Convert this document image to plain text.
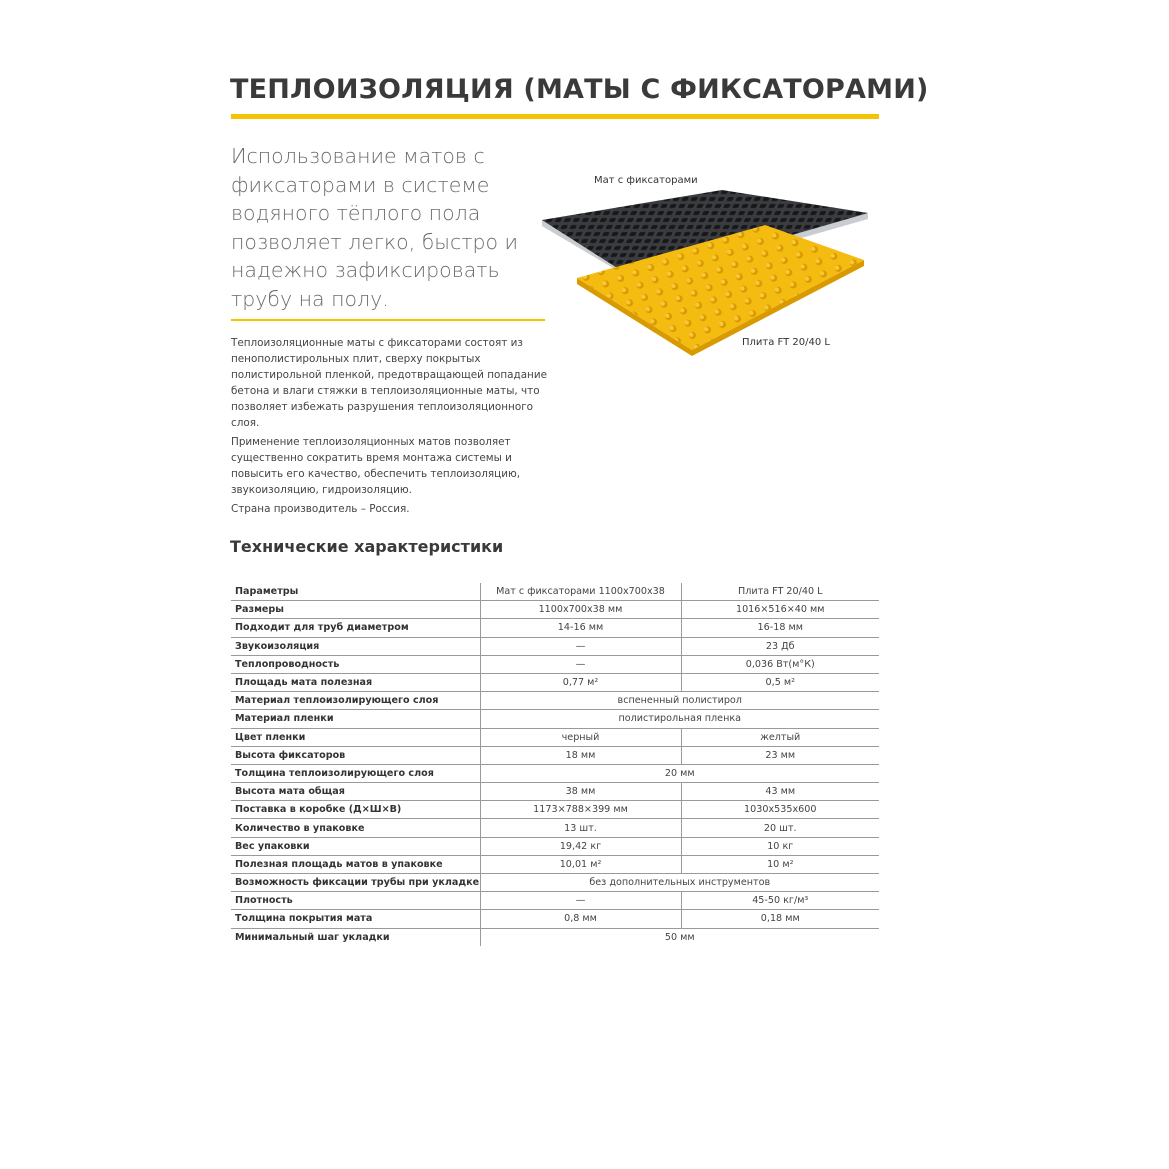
ТЕПЛОИЗОЛЯЦИЯ (МАТЫ С ФИКСАТОРАМИ)

Использование матов с фиксаторами в системе водяного тёплого пола позволяет легко, быстро и надежно зафиксировать трубу на полу.

Теплоизоляционные маты с фиксаторами состоят из пенополистирольных плит, сверху покрытых полистирольной пленкой, предотвращающей попадание бетона и влаги стяжки в теплоизоляционные маты, что позволяет избежать разрушения теплоизоляционного слоя.

Применение теплоизоляционных матов позволяет существенно сократить время монтажа системы и повысить его качество, обеспечить теплоизоляцию, звукоизоляцию, гидроизоляцию.

Страна производитель – Россия.

Мат с фиксаторами
Плита FT 20/40 L
Технические характеристики
Параметры	Мат с фиксаторами 1100x700x38	Плита FT 20/40 L
Размеры	1100x700x38 мм	1016×516×40 мм
Подходит для труб диаметром	14-16 мм	16-18 мм
Звукоизоляция	—	23 Дб
Теплопроводность	—	0,036 Вт(м°К)
Площадь мата полезная	0,77 м²	0,5 м²
Материал теплоизолирующего слоя	вспененный полистирол	
Материал пленки	полистирольная пленка	
Цвет пленки	черный	желтый
Высота фиксаторов	18 мм	23 мм
Толщина теплоизолирующего слоя	20 мм	
Высота мата общая	38 мм	43 мм
Поставка в коробке (Д×Ш×В)	1173×788×399 мм	1030x535x600
Количество в упаковке	13 шт.	20 шт.
Вес упаковки	19,42 кг	10 кг
Полезная площадь матов в упаковке	10,01 м²	10 м²
Возможность фиксации трубы при укладке	без дополнительных инструментов	
Плотность	—	45-50 кг/м³
Толщина покрытия мата	0,8 мм	0,18 мм
Минимальный шаг укладки	50 мм	
